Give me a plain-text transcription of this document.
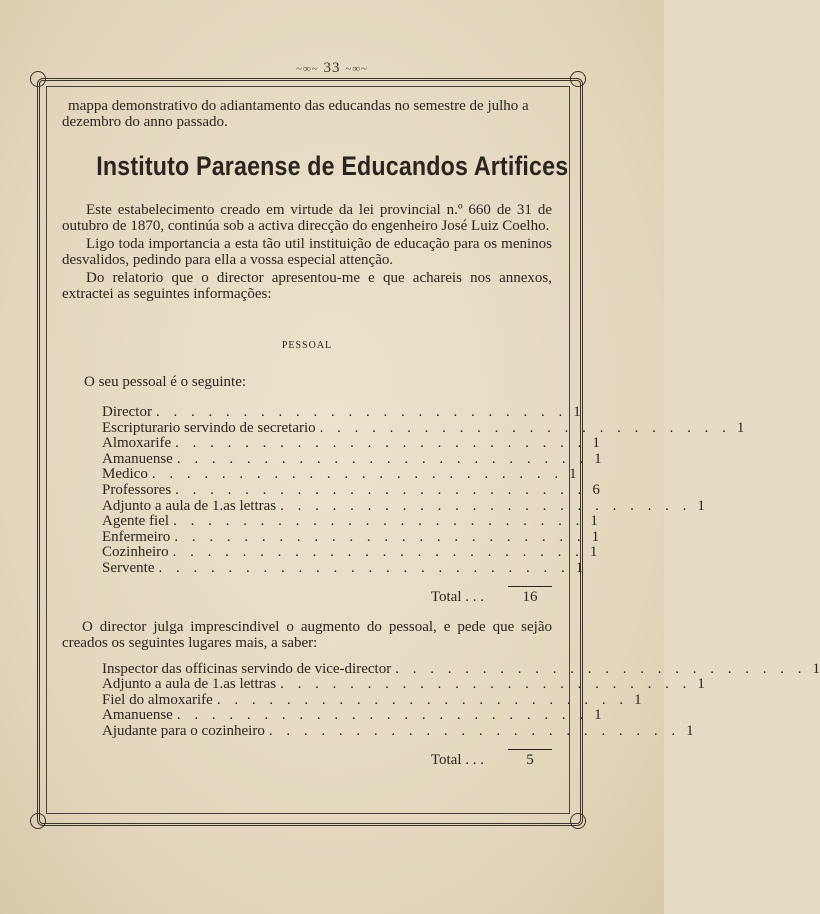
~∞~ 33 ~∞~

mappa demonstrativo do adiantamento das educandas no semestre de julho a dezembro do anno passado.

Instituto Paraense de Educandos Artifices

Este estabelecimento creado em virtude da lei provincial n.º 660 de 31 de outubro de 1870, continúa sob a activa direcção do engenheiro José Luiz Coelho.

Ligo toda importancia a esta tão util instituição de educação para os meninos desvalidos, pedindo para ella a vossa especial attenção.

Do relatorio que o director apresentou-me e que achareis nos annexos, extractei as seguintes informações:

PESSOAL

O seu pessoal é o seguinte:

Director . . . . . . . . . . . . . . . . . . . . . . . . 1
Escripturario servindo de secretario . . . . . . . . . . . . . . . . . . . . . . . . 1
Almoxarife . . . . . . . . . . . . . . . . . . . . . . . . 1
Amanuense . . . . . . . . . . . . . . . . . . . . . . . . 1
Medico . . . . . . . . . . . . . . . . . . . . . . . . 1
Professores . . . . . . . . . . . . . . . . . . . . . . . . 6
Adjunto a aula de 1.as lettras . . . . . . . . . . . . . . . . . . . . . . . . 1
Agente fiel . . . . . . . . . . . . . . . . . . . . . . . . 1
Enfermeiro . . . . . . . . . . . . . . . . . . . . . . . . 1
Cozinheiro . . . . . . . . . . . . . . . . . . . . . . . . 1
Servente . . . . . . . . . . . . . . . . . . . . . . . . 1
Total . . .	16

O director julga imprescindivel o augmento do pessoal, e pede que sejão creados os seguintes lugares mais, a saber:

Inspector das officinas servindo de vice-director . . . . . . . . . . . . . . . . . . . . . . . . 1
Adjunto a aula de 1.as lettras . . . . . . . . . . . . . . . . . . . . . . . . 1
Fiel do almoxarife . . . . . . . . . . . . . . . . . . . . . . . . 1
Amanuense . . . . . . . . . . . . . . . . . . . . . . . . 1
Ajudante para o cozinheiro . . . . . . . . . . . . . . . . . . . . . . . . 1
Total . . .	5
